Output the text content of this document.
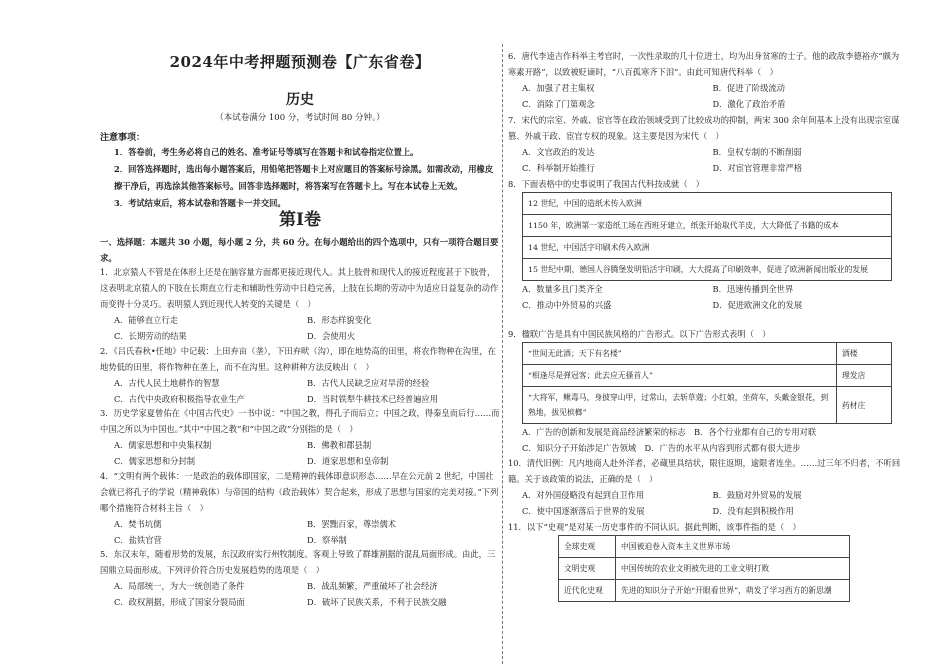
2024年中考押题预测卷【广东省卷】
历史
（本试卷满分 100 分，考试时间 80 分钟。）
注意事项：

1．答卷前，考生务必将自己的姓名、准考证号等填写在答题卡和试卷指定位置上。

2．回答选择题时，选出每小题答案后，用铅笔把答题卡上对应题目的答案标号涂黑。如需改动，用橡皮擦干净后，再选涂其他答案标号。回答非选择题时，将答案写在答题卡上。写在本试卷上无效。

3．考试结束后，将本试卷和答题卡一并交回。

第Ⅰ卷
一、选择题：本题共 30 小题，每小题 2 分，共 60 分。在每小题给出的四个选项中，只有一项符合题目要求。

1．北京猿人不管是在体形上还是在脑容量方面都更接近现代人。其上肢骨和现代人的接近程度甚于下肢骨，这表明北京猿人的下肢在长期直立行走和辅助性劳动中日趋完善，上肢在长期的劳动中为适应日益复杂的动作而变得十分灵巧。表明猿人到近现代人转变的关键是（　）

A．能够直立行走	B．形态样貌变化
C．长期劳动的结果	D．会使用火

2．《吕氏春秋•任地》中记载：上田弃亩（垄），下田弃畎（沟），即在地势高的田里，将农作物种在沟里，在地势低的田里，将作物种在垄上，而不在沟里。这种耕种方法反映出（　）

A．古代人民土地耕作的智慧	B．古代人民缺乏应对旱涝的经验
C．古代中央政府积极指导农业生产	D．当时铁犁牛耕技术已经普遍应用

3．历史学家夏曾佑在《中国古代史》一书中说：“中国之教，得孔子而后立；中国之政，得秦皇而后行……而中国之所以为中国也。”其中“中国之教”和“中国之政”分别指的是（　）

A．儒家思想和中央集权制	B．佛教和郡县制
C．儒家思想和分封制	D．道家思想和皇帝制

4．“文明有两个载体：一是政治的载体即国家，二是精神的载体即意识形态……早在公元前 2 世纪，中国社会就已将孔子的学说（精神载体）与帝国的结构（政治载体）契合起来，形成了思想与国家的完美对接。”下列哪个措施符合材料主旨（　）

A．焚书坑儒	B．罢黜百家，尊崇儒术
C．盐铁官营	D．察举制

5．东汉末年，随着形势的发展，东汉政府实行州牧制度。客观上导致了群雄割据的混乱局面形成。由此，三国鼎立局面形成。下列评价符合历史发展趋势的选项是（　）

A．局部统一，为大一统创造了条件	B．战乱频繁，严重破坏了社会经济
C．政权割据，形成了国家分裂局面	D．破坏了民族关系，不利于民族交融

6．唐代李逵吉作科举主考官时，一次性录取的几十位进士，均为出身贫寒的士子。他的政敌李德裕亦“颇为寒素开路”，以致被贬谪时，“八百孤寒齐下泪”。由此可知唐代科举（　）

A．加强了君主集权	B．促进了阶级流动
C．消除了门第观念	D．激化了政治矛盾

7．宋代的宗室、外戚、宦官等在政治领域受到了比较成功的抑制，两宋 300 余年间基本上没有出现宗室谋篡、外戚干政、宦官专权的现象。这主要是因为宋代（　）

A．文官政治的发达	B．皇权专制的不断削弱
C．科举制开始推行	D．对宦官管理非常严格

8．下面表格中的史事说明了我国古代科技成就（　）

12 世纪，中国的造纸术传入欧洲
1150 年，欧洲第一家造纸工场在西班牙建立，纸张开始取代羊皮，大大降低了书籍的成本
14 世纪，中国活字印刷术传入欧洲
15 世纪中期，德国人谷腾堡发明铅活字印刷，大大提高了印刷效率，促进了欧洲新闻出版业的发展
A．数量多且门类齐全	B．迅速传播到全世界
C．推动中外贸易的兴盛	D．促进欧洲文化的发展

9．楹联广告是具有中国民族风格的广告形式。以下广告形式表明（　）

“世间无此酒；天下有名楼”	酒楼
“相逢尽是弹冠客；此去应无搔首人”	理发店
“大将军，鳅毒马，身披穿山甲，过常山，去斩草蔻；小红娘，坐荷车，头戴金银花，到熟地，拔见槟榔”	药材庄
A．广告的创新和发展是商品经济繁荣的标志　 B．各个行业都有自己的专用对联
C．知识分子开始涉足广告领域　 D．广告的水平从内容到形式都有很大进步

10．清代旧例：凡内地商人赴外洋者，必蔵里具结状，限往返期，逾限者连坐。……过三年不归者，不听回籍。关于该政策的说法，正确的是（　）

A．对外国侵略没有起到自卫作用	B．鼓励对外贸易的发展
C．使中国逐渐落后于世界的发展	D．没有起到积极作用

11．以下“史观”是对某一历史事件的不同认识。据此判断，该事件指的是（　）

全球史观	中国被迫卷入资本主义世界市场
文明史观	中国传统的农业文明被先进的工业文明打败
近代化史观	先进的知识分子开始“开眼看世界”，萌发了学习西方的新思潮
